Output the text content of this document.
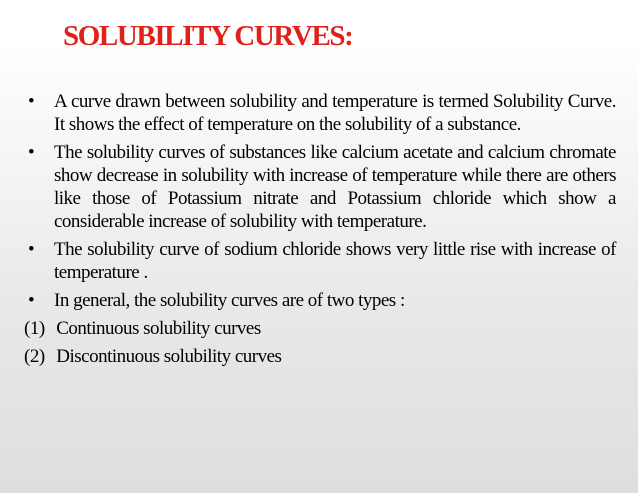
SOLUBILITY CURVES:
• A curve drawn between solubility and temperature is termed Solubility Curve. It shows the effect of temperature on the solubility of a substance.
• The solubility curves of substances like calcium acetate and calcium chromate show decrease in solubility with increase of temperature while there are others like those of Potassium nitrate and Potassium chloride which show a considerable increase of solubility with temperature.
• The solubility curve of sodium chloride shows very little rise with increase of temperature .
• In general, the solubility curves are of two types :
(1) Continuous solubility curves
(2) Discontinuous solubility curves
